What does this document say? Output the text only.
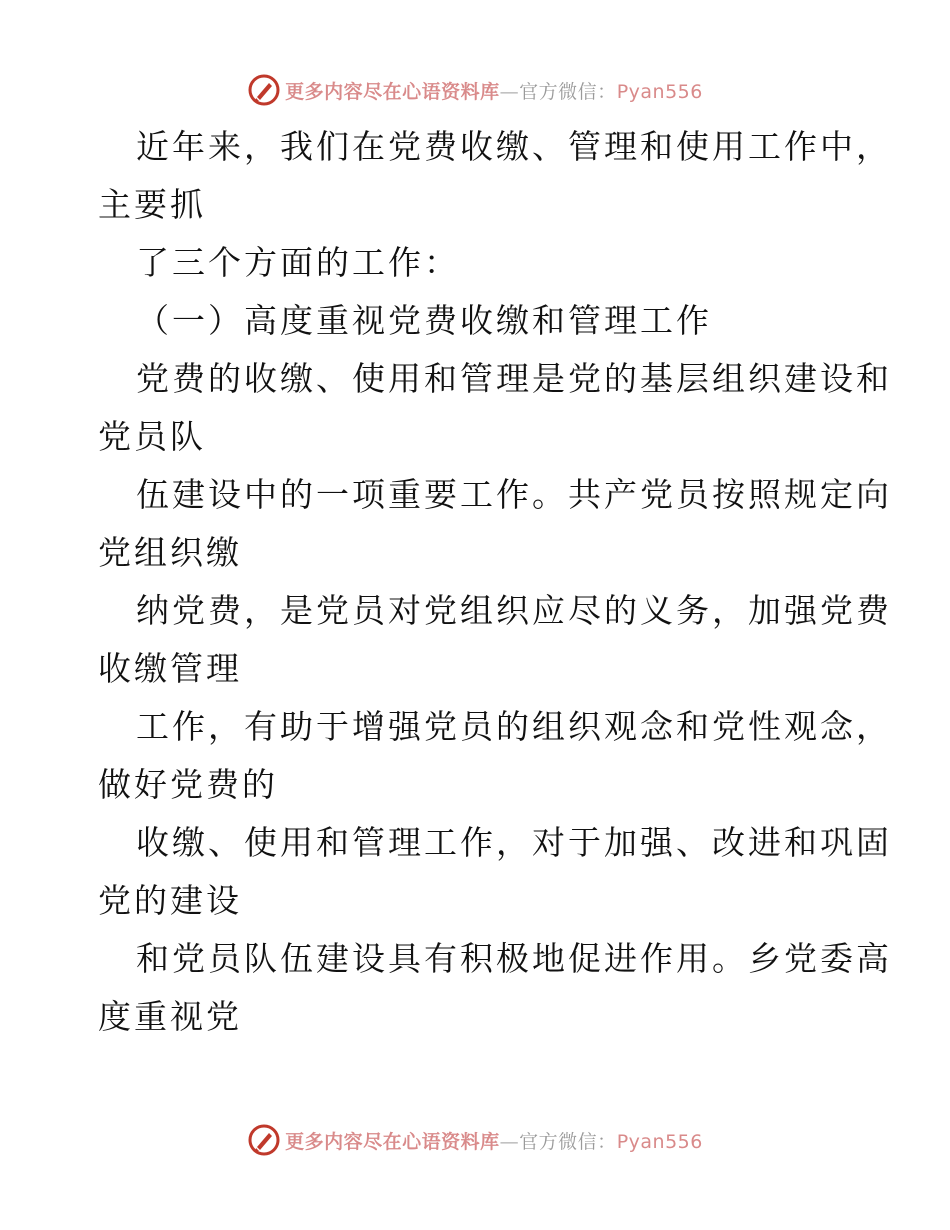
更多内容尽在心语资料库—官方微信：Pyan556
近年来，我们在党费收缴、管理和使用工作中，
主要抓
了三个方面的工作：
（一）高度重视党费收缴和管理工作
党费的收缴、使用和管理是党的基层组织建设和
党员队
伍建设中的一项重要工作。共产党员按照规定向
党组织缴
纳党费，是党员对党组织应尽的义务，加强党费
收缴管理
工作，有助于增强党员的组织观念和党性观念，
做好党费的
收缴、使用和管理工作，对于加强、改进和巩固
党的建设
和党员队伍建设具有积极地促进作用。乡党委高
度重视党
更多内容尽在心语资料库—官方微信：Pyan556
